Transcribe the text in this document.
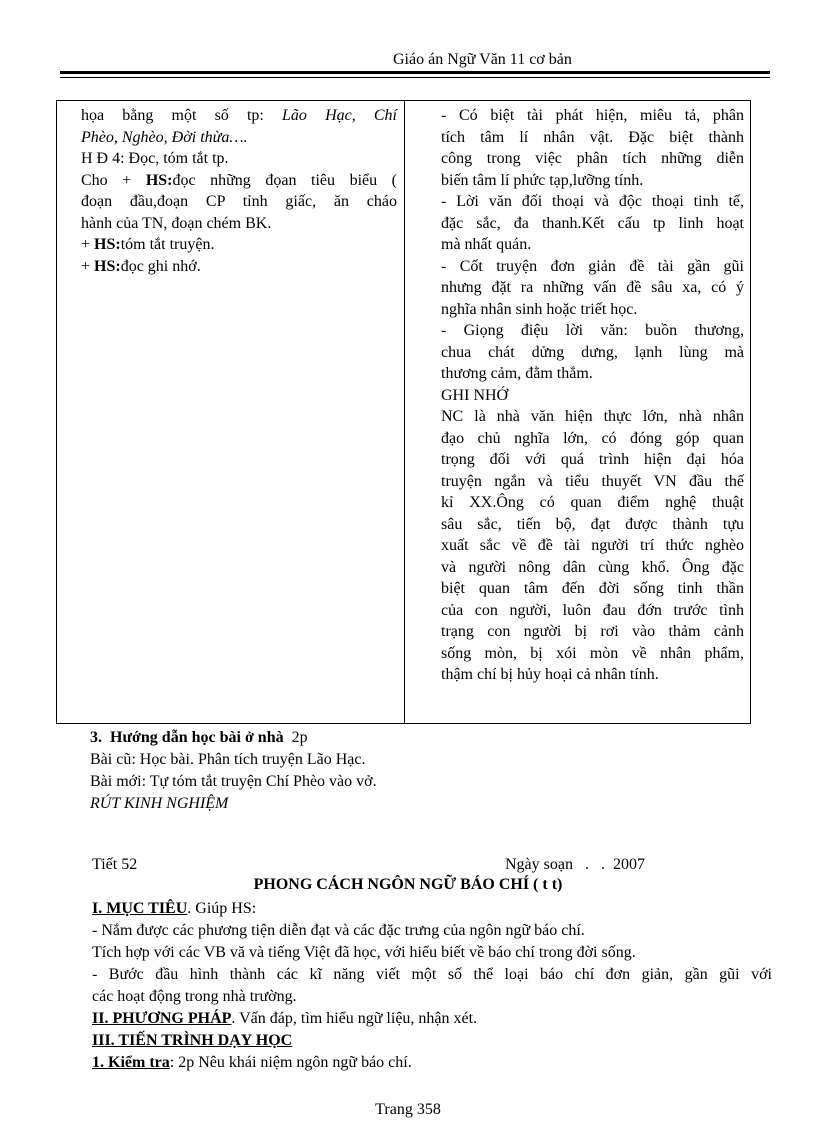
Giáo án Ngữ Văn 11 cơ bản
họa bằng một số tp: Lão Hạc, Chí
Phèo, Nghèo, Đời thừa….
H Đ 4: Đọc, tóm tắt tp.
Cho + HS:đọc những đọan tiêu biểu (
đoạn đầu,đoạn CP tỉnh giấc, ăn cháo
hành của TN, đoạn chém BK.
+ HS:tóm tắt truyện.
+ HS:đọc ghi nhớ.
- Có biệt tài phát hiện, miêu tả, phân
tích tâm lí nhân vật. Đặc biệt thành
công trong việc phân tích những diễn
biến tâm lí phức tạp,lưỡng tính.
- Lời văn đối thoại và độc thoại tinh tế,
đặc sắc, đa thanh.Kết cấu tp linh hoạt
mà nhất quán.
- Cốt truyện đơn giản đề tài gần gũi
nhưng đặt ra những vấn đề sâu xa, có ý
nghĩa nhân sinh hoặc triết học.
- Giọng điệu lời văn: buồn thương,
chua chát dửng dưng, lạnh lùng mà
thương cảm, đằm thắm.
GHI NHỚ
NC là nhà văn hiện thực lớn, nhà nhân
đạo chủ nghĩa lớn, có đóng góp quan
trọng đối với quá trình hiện đại hóa
truyện ngắn và tiểu thuyết VN đầu thế
kỉ XX.Ông có quan điểm nghệ thuật
sâu sắc, tiến bộ, đạt được thành tựu
xuất sắc về đề tài người trí thức nghèo
và người nông dân cùng khổ. Ông đặc
biệt quan tâm đến đời sống tinh thần
của con người, luôn đau đớn trước tình
trạng con người bị rơi vào thảm cảnh
sống mòn, bị xói mòn về nhân phẩm,
thậm chí bị hủy hoại cả nhân tính.
3. Hướng dẫn học bài ở nhà 2p
Bài cũ: Học bài. Phân tích truyện Lão Hạc.
Bài mới: Tự tóm tắt truyện Chí Phèo vào vở.
RÚT KINH NGHIỆM
Tiết 52	Ngày soạn   .   .  2007
PHONG CÁCH NGÔN NGỮ BÁO CHÍ ( t t)
I. MỤC TIÊU. Giúp HS:
- Nắm được các phương tiện diễn đạt và các đặc trưng của ngôn ngữ báo chí.
Tích hợp với các VB vă và tiếng Việt đã học, với hiểu biết về báo chí trong đời sống.
- Bước đầu hình thành các kĩ năng viết một số thể loại báo chí đơn giản, gần gũi với
các hoạt động trong nhà trường.
II. PHƯƠNG PHÁP. Vấn đáp, tìm hiểu ngữ liệu, nhận xét.
III. TIẾN TRÌNH DẠY HỌC
1. Kiểm tra: 2p Nêu khái niệm ngôn ngữ báo chí.
Trang 358
